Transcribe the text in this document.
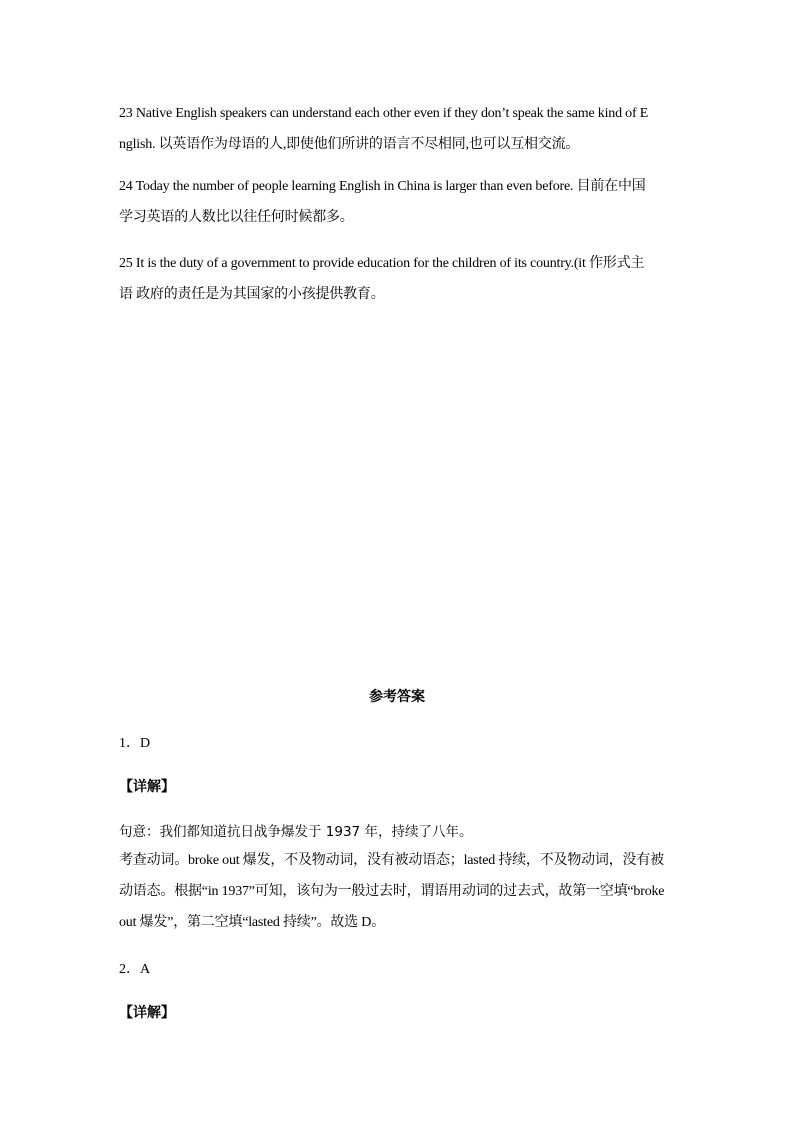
23 Native English speakers can understand each other even if they don’t speak the same kind of E
nglish. 以英语作为母语的人,即使他们所讲的语言不尽相同,也可以互相交流。
24 Today the number of people learning English in China is larger than even before. 目前在中国
学习英语的人数比以往任何时候都多。
25 It is the duty of a government to provide education for the children of its country.(it 作形式主
语 政府的责任是为其国家的小孩提供教育。
参考答案
1．D
【详解】
句意：我们都知道抗日战争爆发于 1937 年，持续了八年。
考查动词。broke out 爆发，不及物动词，没有被动语态；lasted 持续，不及物动词，没有被
动语态。根据“in 1937”可知，该句为一般过去时，谓语用动词的过去式，故第一空填“broke
out 爆发”，第二空填“lasted 持续”。故选 D。
2．A
【详解】
